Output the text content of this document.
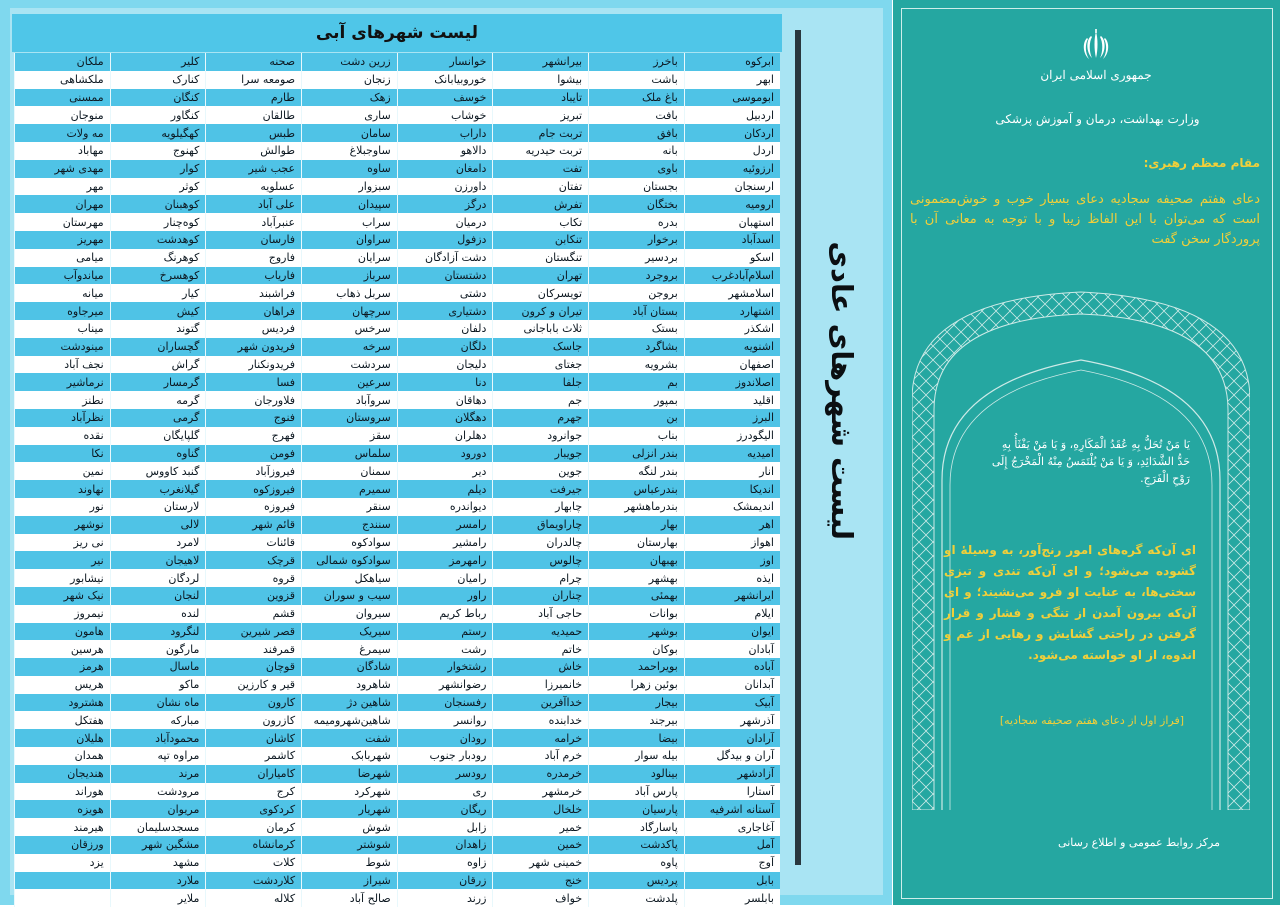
لیست شهرهای آبی
ابرکوه	باخرز	بیرانشهر	خوانسار	زرین دشت	صحنه	کلیر	ملکان
ابهر	باشت	بیشوا	خورو‌بیابانک	زنجان	صومعه سرا	کنارک	ملکشاهی
ابوموسی	باغ ملک	تایباد	خوسف	زهک	طارم	کنگان	ممسنی
اردبیل	بافت	تبریز	خوشاب	ساری	طالقان	کنگاور	منوجان
اردکان	بافق	تربت جام	داراب	سامان	طبس	کهگیلویه	مه ولات
اردل	بانه	تربت حیدریه	دالاهو	ساوجبلاغ	طوالش	کهنوج	مهاباد
ارزوئیه	باوی	تفت	دامغان	ساوه	عجب شیر	کوار	مهدی شهر
ارسنجان	بجستان	تفتان	داورزن	سبزوار	عسلویه	کوثر	مهر
ارومیه	بختگان	تفرش	درگز	سپیدان	علی آباد	کوهبنان	مهران
استهبان	بدره	تکاب	درمیان	سراب	عنبرآباد	کوه‌چنار	مهرستان
اسدآباد	برخوار	تنکابن	دزفول	سراوان	فارسان	کوهدشت	مهریز
اسکو	بردسیر	تنگستان	دشت آزادگان	سرایان	فاروج	کوهرنگ	میامی
اسلام‌آبادغرب	بروجرد	تهران	دشتستان	سرباز	فاریاب	کوهسرخ	میاندوآب
اسلامشهر	بروجن	تویسرکان	دشتی	سربل ذهاب	فراشبند	کیار	میانه
اشتهارد	بستان آباد	تیران و کرون	دشتیاری	سرچهان	فراهان	کیش	میرجاوه
اشکذر	بستک	ثلاث باباجانی	دلفان	سرخس	فردیس	گتوند	میناب
اشنویه	بشاگرد	جاسک	دلگان	سرخه	فریدون شهر	گچساران	مینودشت
اصفهان	بشرویه	جغتای	دلیجان	سردشت	فریدونکنار	گراش	نجف آباد
اصلاندوز	بم	جلفا	دنا	سرعین	فسا	گرمسار	نرماشیر
اقلید	بمپور	جم	دهاقان	سروآباد	فلاورجان	گرمه	نطنز
البرز	بن	جهرم	دهگلان	سروستان	فنوج	گرمی	نظرآباد
الیگودرز	بناب	جوانرود	دهلران	سقز	فهرج	گلپایگان	نقده
امیدیه	بندر انزلی	جویبار	دورود	سلماس	فومن	گناوه	نکا
انار	بندر لنگه	جوین	دیر	سمنان	فیروزآباد	گنبد کاووس	نمین
اندیکا	بندرعباس	جیرفت	دیلم	سمیرم	فیروزکوه	گیلانغرب	نهاوند
اندیمشک	بندرماهشهر	چابهار	دیواندره	سنقر	فیروزه	لارستان	نور
اهر	بهار	چاراویماق	رامسر	سنندج	قائم شهر	لالی	نوشهر
اهواز	بهارستان	چالدران	رامشیر	سوادکوه	قائنات	لامرد	نی ریز
اوز	بهبهان	چالوس	رامهرمز	سوادکوه شمالی	قرچک	لاهیجان	نیر
ایذه	بهشهر	چرام	رامیان	سیاهکل	قروه	لردگان	نیشابور
ایرانشهر	بهمئی	چناران	راور	سیب و سوران	قزوین	لنجان	نیک شهر
ایلام	بوانات	حاجی آباد	رباط کریم	سیروان	قشم	لنده	نیمروز
ایوان	بوشهر	حمیدیه	رستم	سیریک	قصر شیرین	لنگرود	هامون
آبادان	بوکان	خاتم	رشت	سیمرغ	قمرفند	مارگون	هرسین
آباده	بویراحمد	خاش	رشتخوار	شادگان	قوچان	ماسال	هرمز
آبدانان	بوئین زهرا	خانمیرزا	رضوانشهر	شاهرود	قیر و کارزین	ماکو	هریس
آبیک	بیجار	خداآفرین	رفسنجان	شاهین دژ	کارون	ماه نشان	هشترود
آذرشهر	بیرجند	خدابنده	روانسر	شاهین‌شهروميمه	کازرون	مبارکه	هفتکل
آرادان	بیضا	خرامه	رودان	شفت	کاشان	محمودآباد	هلیلان
آران و بیدگل	بیله سوار	خرم آباد	رودبار جنوب	شهربابک	کاشمر	مراوه تپه	همدان
آزادشهر	بینالود	خرمدره	رودسر	شهرضا	کامیاران	مرند	هندیجان
آستارا	پارس آباد	خرمشهر	ری	شهرکرد	کرج	مرودشت	هوراند
آستانه اشرفیه	پارسیان	خلخال	ریگان	شهریار	کردکوی	مریوان	هویزه
آغاجاری	پاسارگاد	خمیر	زابل	شوش	کرمان	مسجدسلیمان	هیرمند
آمل	پاکدشت	خمین	زاهدان	شوشتر	کرمانشاه	مشگین شهر	ورزقان
آوج	پاوه	خمینی شهر	زاوه	شوط	کلات	مشهد	یزد
بابل	پردیس	خنج	زرقان	شیراز	کلاردشت	ملارد	
بابلسر	پلدشت	خواف	زرند	صالح آباد	کلاله	ملایر	
لیست شهرهای عادی
جمهوری اسلامی ایران
وزارت بهداشت، درمان و آموزش پزشکی
مقام معظم رهبری:
دعای هفتم صحیفه سجادیه دعای بسیار خوب و خوش‌مضمونی است که می‌توان با این الفاظ زیبا و با توجه به معانی آن با پروردگار سخن گفت
یَا مَنْ تُحَلُّ بِهِ عُقَدُ الْمَكَارِهِ، وَ یَا مَنْ یَفْثَأُ بِهِ حَدُّ الشَّدَائِدِ، وَ یَا مَنْ یُلْتَمَسُ مِنْهُ الْمَخْرَجُ إِلَى رَوْحِ الْفَرَجِ.
ای آن‌که گره‌های امور رنج‌آور، به وسیلهٔ او گشوده می‌شود؛ و ای آن‌که تندی و تیزی سختی‌ها، به عنایت او فرو می‌نشیند؛ و ای آن‌که بیرون آمدن از تنگی و فشار و قرار گرفتن در راحتی گشایش و رهایی از غم و اندوه، از او خواسته می‌شود.
[فراز اول از دعای هفتم صحیفه سجادیه]
مرکز روابط عمومی و اطلاع رسانی
